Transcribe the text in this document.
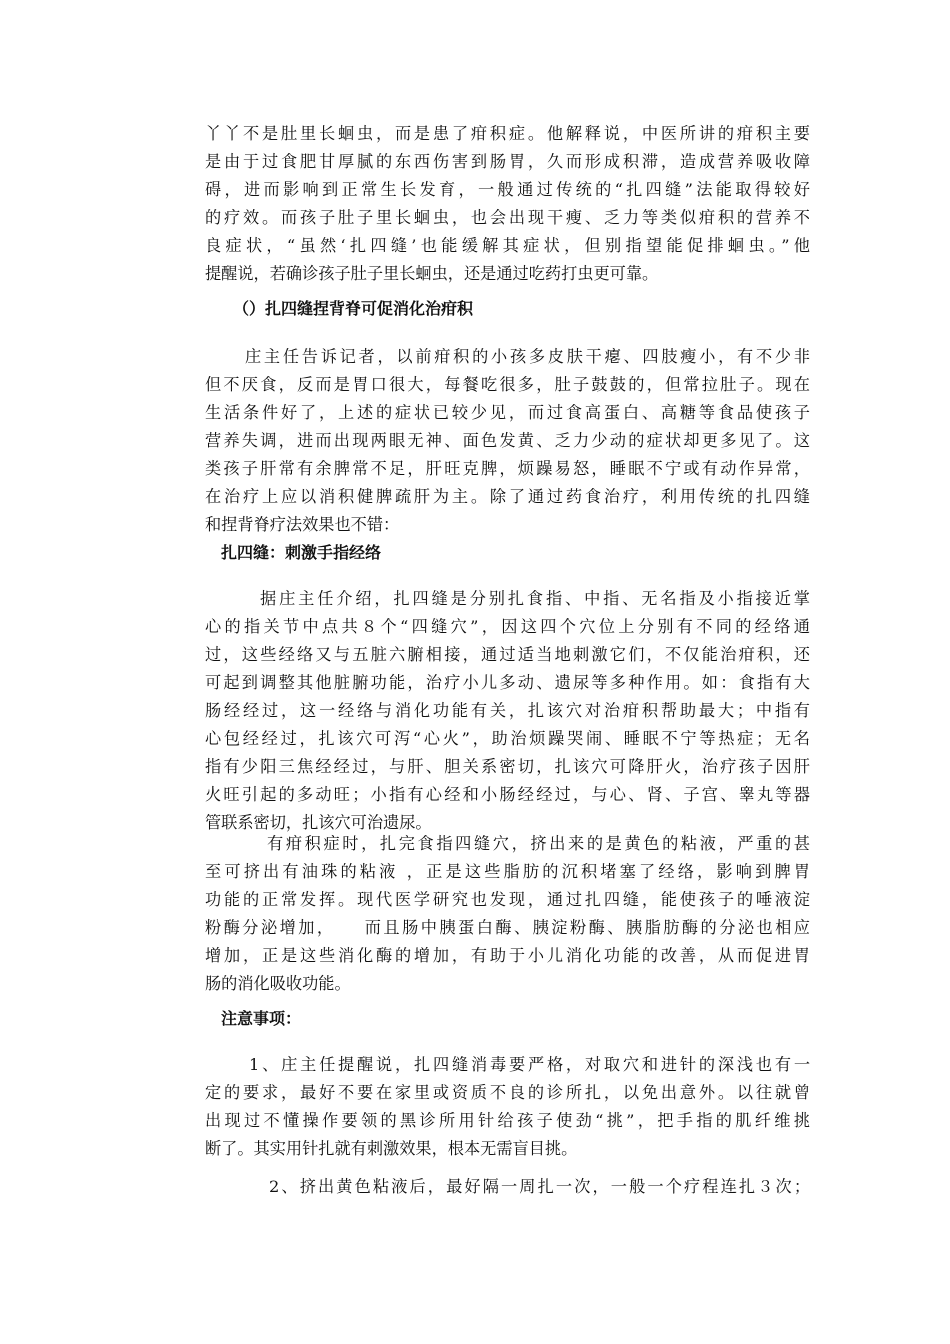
丫丫不是肚里长蛔虫，而是患了疳积症。他解释说，中医所讲的疳积主要
是由于过食肥甘厚腻的东西伤害到肠胃，久而形成积滞，造成营养吸收障
碍，进而影响到正常生长发育，一般通过传统的“扎四缝”法能取得较好
的疗效。而孩子肚子里长蛔虫，也会出现干瘦、乏力等类似疳积的营养不
良症状，“虽然‘扎四缝’也能缓解其症状，但别指望能促排蛔虫。”他
提醒说，若确诊孩子肚子里长蛔虫，还是通过吃药打虫更可靠。
（）扎四缝捏背脊可促消化治疳积
庄主任告诉记者，以前疳积的小孩多皮肤干瘪、四肢瘦小，有不少非
但不厌食，反而是胃口很大，每餐吃很多，肚子鼓鼓的，但常拉肚子。现在
生活条件好了，上述的症状已较少见，而过食高蛋白、高糖等食品使孩子
营养失调，进而出现两眼无神、面色发黄、乏力少动的症状却更多见了。这
类孩子肝常有余脾常不足，肝旺克脾，烦躁易怒，睡眠不宁或有动作异常，
在治疗上应以消积健脾疏肝为主。除了通过药食治疗，利用传统的扎四缝
和捏背脊疗法效果也不错：
扎四缝：刺激手指经络
据庄主任介绍，扎四缝是分别扎食指、中指、无名指及小指接近掌
心的指关节中点共８个“四缝穴”，因这四个穴位上分别有不同的经络通
过，这些经络又与五脏六腑相接，通过适当地刺激它们，不仅能治疳积，还
可起到调整其他脏腑功能，治疗小儿多动、遗尿等多种作用。如：食指有大
肠经经过，这一经络与消化功能有关，扎该穴对治疳积帮助最大；中指有
心包经经过，扎该穴可泻“心火”，助治烦躁哭闹、睡眠不宁等热症；无名
指有少阳三焦经经过，与肝、胆关系密切，扎该穴可降肝火，治疗孩子因肝
火旺引起的多动旺；小指有心经和小肠经经过，与心、肾、子宫、睾丸等器
管联系密切，扎该穴可治遗尿。
有疳积症时，扎完食指四缝穴，挤出来的是黄色的粘液，严重的甚
至可挤出有油珠的粘液 ，正是这些脂肪的沉积堵塞了经络，影响到脾胃
功能的正常发挥。现代医学研究也发现，通过扎四缝，能使孩子的唾液淀
粉酶分泌增加，　　而且肠中胰蛋白酶、胰淀粉酶、胰脂肪酶的分泌也相应
增加，正是这些消化酶的增加，有助于小儿消化功能的改善，从而促进胃
肠的消化吸收功能。
注意事项：
1、庄主任提醒说，扎四缝消毒要严格，对取穴和进针的深浅也有一
定的要求，最好不要在家里或资质不良的诊所扎，以免出意外。以往就曾
出现过不懂操作要领的黑诊所用针给孩子使劲“挑”，把手指的肌纤维挑
断了。其实用针扎就有刺激效果，根本无需盲目挑。
2、挤出黄色粘液后，最好隔一周扎一次，一般一个疗程连扎３次；
